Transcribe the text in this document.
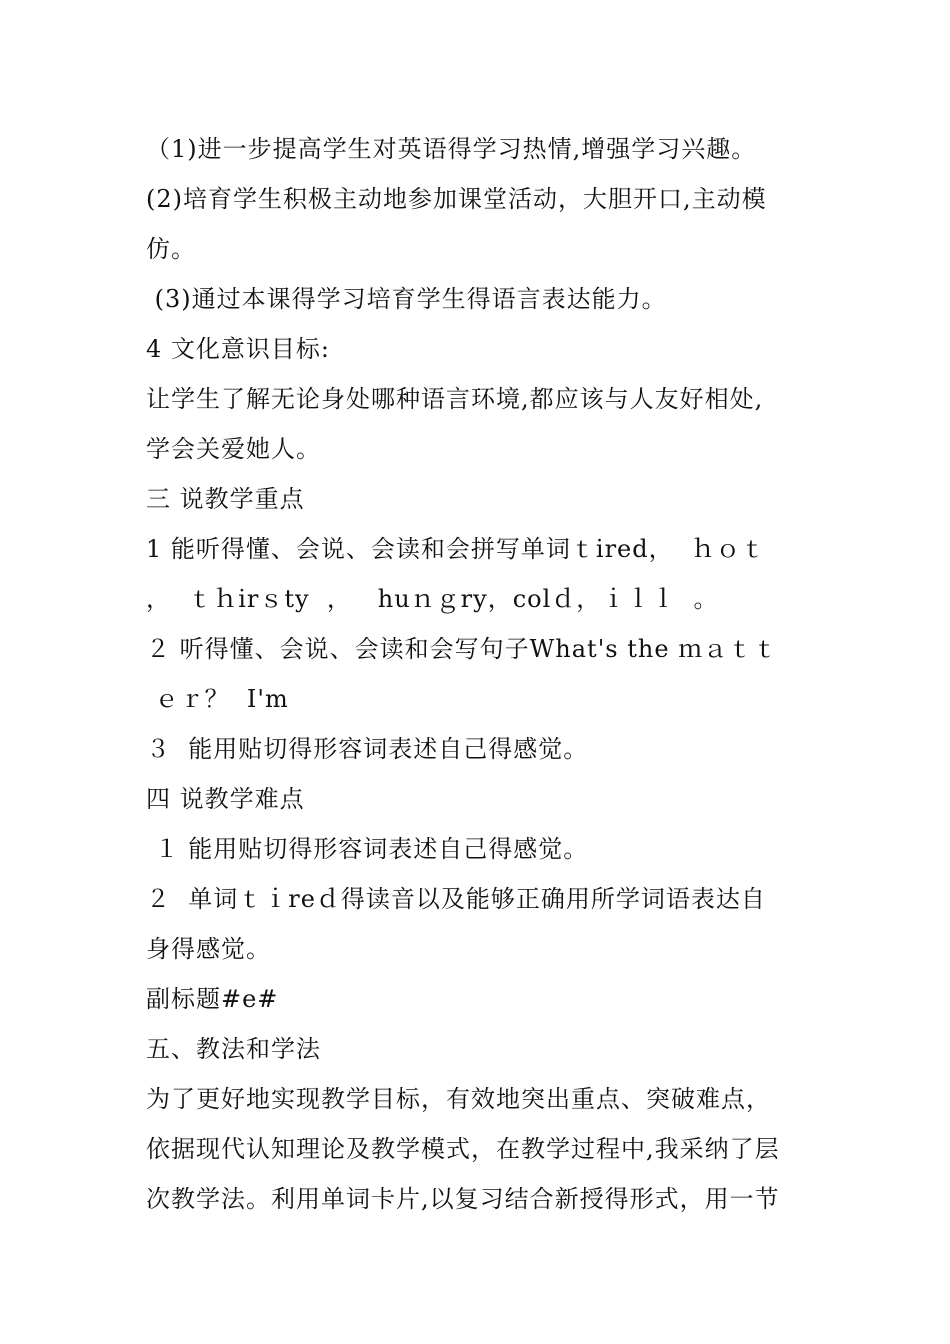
（1)进一步提高学生对英语得学习热情,增强学习兴趣。
(2)培育学生积极主动地参加课堂活动，大胆开口,主动模
仿。
(3)通过本课得学习培育学生得语言表达能力。
4 文化意识目标:
让学生了解无论身处哪种语言环境,都应该与人友好相处,
学会关爱她人。
三 说教学重点
1 能听得懂、会说、会读和会拼写单词ｔired，  ｈｏｔ
，  ｔｈirｓty  ，   huｎｇry，colｄ，ｉｌｌ  。
２ 听得懂、会说、会读和会写句子What's the ｍａｔｔ
ｅｒ？  I'm
３  能用贴切得形容词表述自己得感觉。
四 说教学难点
１ 能用贴切得形容词表述自己得感觉。
２  单词ｔｉreｄ得读音以及能够正确用所学词语表达自
身得感觉。
副标题#e#
五、教法和学法
为了更好地实现教学目标，有效地突出重点、突破难点，
依据现代认知理论及教学模式，在教学过程中,我采纳了层
次教学法。利用单词卡片,以复习结合新授得形式，用一节
